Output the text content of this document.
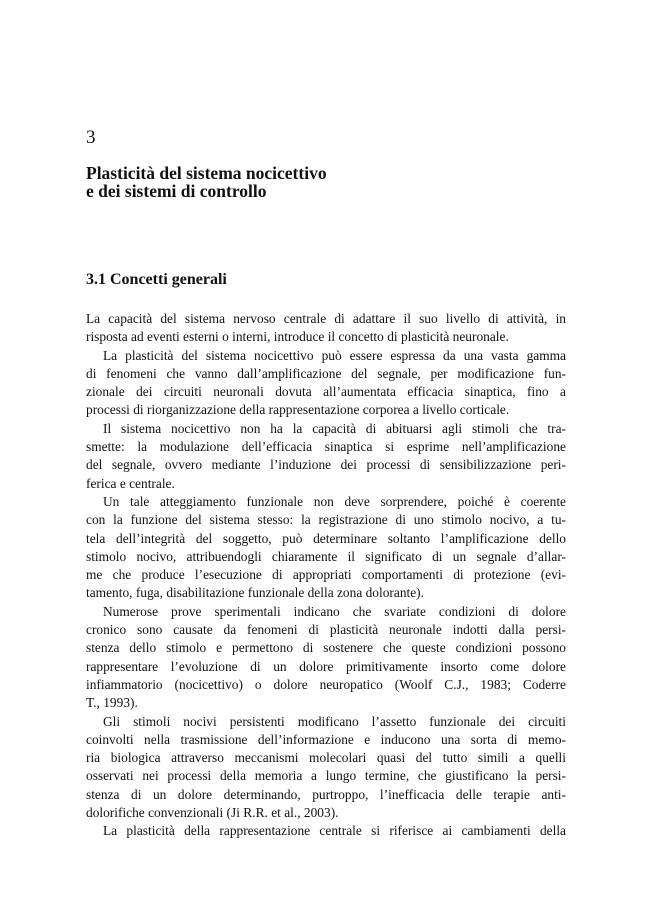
3
Plasticità del sistema nocicettivo
e dei sistemi di controllo
3.1 Concetti generali

La capacità del sistema nervoso centrale di adattare il suo livello di attività, in
risposta ad eventi esterni o interni, introduce il concetto di plasticità neuronale.

La plasticità del sistema nocicettivo può essere espressa da una vasta gamma
di fenomeni che vanno dall’amplificazione del segnale, per modificazione fun-
zionale dei circuiti neuronali dovuta all’aumentata efficacia sinaptica, fino a
processi di riorganizzazione della rappresentazione corporea a livello corticale.

Il sistema nocicettivo non ha la capacità di abituarsi agli stimoli che tra-
smette: la modulazione dell’efficacia sinaptica si esprime nell’amplificazione
del segnale, ovvero mediante l’induzione dei processi di sensibilizzazione peri-
ferica e centrale.

Un tale atteggiamento funzionale non deve sorprendere, poiché è coerente
con la funzione del sistema stesso: la registrazione di uno stimolo nocivo, a tu-
tela dell’integrità del soggetto, può determinare soltanto l’amplificazione dello
stimolo nocivo, attribuendogli chiaramente il significato di un segnale d’allar-
me che produce l’esecuzione di appropriati comportamenti di protezione (evi-
tamento, fuga, disabilitazione funzionale della zona dolorante).

Numerose prove sperimentali indicano che svariate condizioni di dolore
cronico sono causate da fenomeni di plasticità neuronale indotti dalla persi-
stenza dello stimolo e permettono di sostenere che queste condizioni possono
rappresentare l’evoluzione di un dolore primitivamente insorto come dolore
infiammatorio (nocicettivo) o dolore neuropatico (Woolf C.J., 1983; Coderre
T., 1993).

Gli stimoli nocivi persistenti modificano l’assetto funzionale dei circuiti
coinvolti nella trasmissione dell’informazione e inducono una sorta di memo-
ria biologica attraverso meccanismi molecolari quasi del tutto simili a quelli
osservati nei processi della memoria a lungo termine, che giustificano la persi-
stenza di un dolore determinando, purtroppo, l’inefficacia delle terapie anti-
dolorifiche convenzionali (Ji R.R. et al., 2003).

La plasticità della rappresentazione centrale si riferisce ai cambiamenti della
